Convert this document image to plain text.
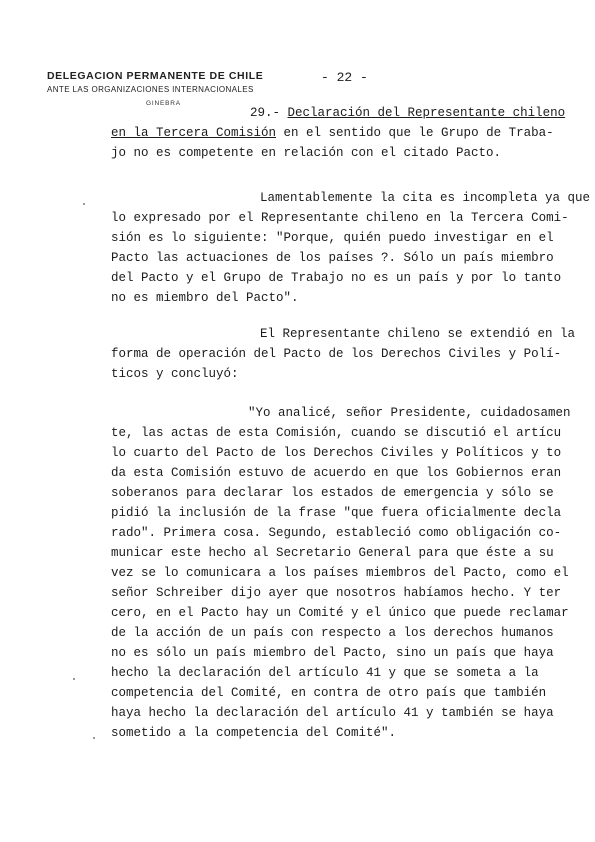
DELEGACION PERMANENTE DE CHILE
ANTE LAS ORGANIZACIONES INTERNACIONALES
GINEBRA
- 22 -
29.- Declaración del Representante chileno
en la Tercera Comisión en el sentido que le Grupo de Traba-
jo no es competente en relación con el citado Pacto.
Lamentablemente la cita es incompleta ya que
lo expresado por el Representante chileno en la Tercera Comi-
sión es lo siguiente: "Porque, quién puedo investigar en el
Pacto las actuaciones de los países ?. Sólo un país miembro
del Pacto y el Grupo de Trabajo no es un país y por lo tanto
no es miembro del Pacto".
El Representante chileno se extendió en la
forma de operación del Pacto de los Derechos Civiles y Polí-
ticos y concluyó:
"Yo analicé, señor Presidente, cuidadosamen
te, las actas de esta Comisión, cuando se discutió el artícu
lo cuarto del Pacto de los Derechos Civiles y Políticos y to
da esta Comisión estuvo de acuerdo en que los Gobiernos eran
soberanos para declarar los estados de emergencia y sólo se
pidió la inclusión de la frase "que fuera oficialmente decla
rado". Primera cosa. Segundo, estableció como obligación co-
municar este hecho al Secretario General para que éste a su
vez se lo comunicara a los países miembros del Pacto, como el
señor Schreiber dijo ayer que nosotros habíamos hecho. Y ter
cero, en el Pacto hay un Comité y el único que puede reclamar
de la acción de un país con respecto a los derechos humanos
no es sólo un país miembro del Pacto, sino un país que haya
hecho la declaración del artículo 41 y que se someta a la
competencia del Comité, en contra de otro país que también
haya hecho la declaración del artículo 41 y también se haya
sometido a la competencia del Comité".
